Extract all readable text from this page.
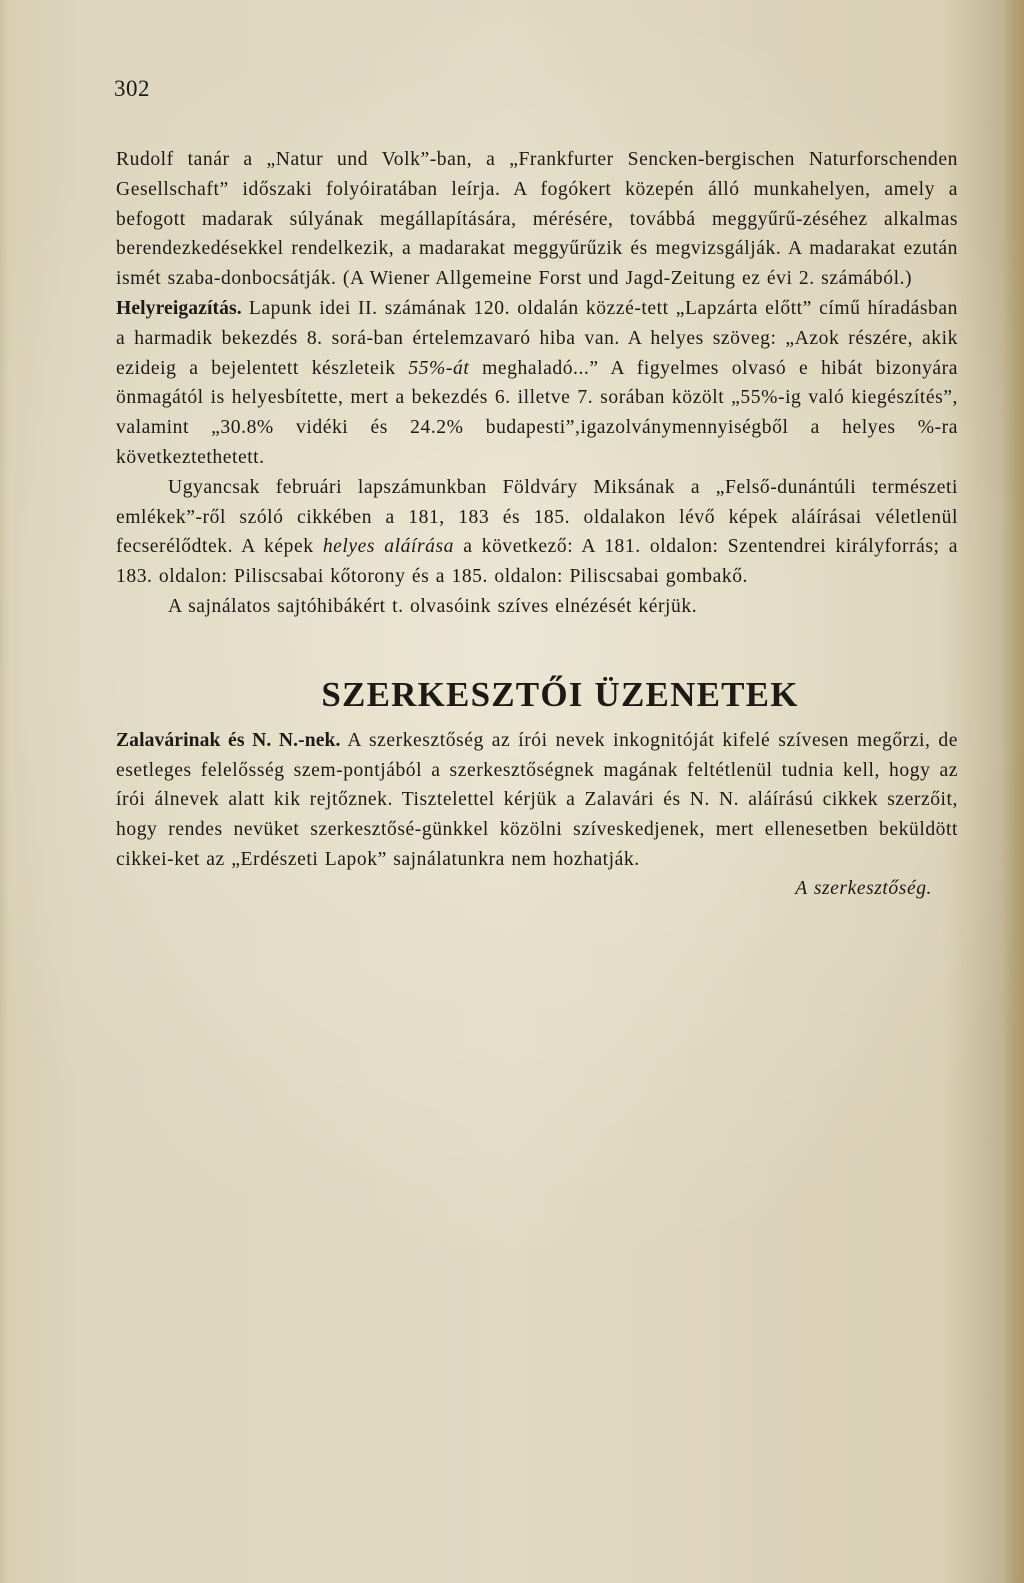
302

Rudolf tanár a „Natur und Volk”-ban, a „Frankfurter Sencken-bergischen Naturforschenden Gesellschaft” időszaki folyóiratában leírja. A fogókert közepén álló munkahelyen, amely a befogott madarak súlyának megállapítására, mérésére, továbbá meggyűrű-zéséhez alkalmas berendezkedésekkel rendelkezik, a madarakat meggyűrűzik és megvizsgálják. A madarakat ezután ismét szaba-donbocsátják. (A Wiener Allgemeine Forst und Jagd-Zeitung ez évi 2. számából.)

Helyreigazítás. Lapunk idei II. számának 120. oldalán közzé-tett „Lapzárta előtt” című híradásban a harmadik bekezdés 8. sorá-ban értelemzavaró hiba van. A helyes szöveg: „Azok részére, akik ezideig a bejelentett készleteik 55%-át meghaladó...” A figyelmes olvasó e hibát bizonyára önmagától is helyesbítette, mert a bekezdés 6. illetve 7. sorában közölt „55%-ig való kiegészítés”, valamint „30.8% vidéki és 24.2% budapesti”,igazolványmennyiségből a helyes %-ra következtethetett.

Ugyancsak februári lapszámunkban Földváry Miksának a „Felső-dunántúli természeti emlékek”-ről szóló cikkében a 181, 183 és 185. oldalakon lévő képek aláírásai véletlenül fecserélődtek. A képek helyes aláírása a következő: A 181. oldalon: Szentendrei királyforrás; a 183. oldalon: Piliscsabai kőtorony és a 185. oldalon: Piliscsabai gombakő.

A sajnálatos sajtóhibákért t. olvasóink szíves elnézését kérjük.

SZERKESZTŐI ÜZENETEK

Zalavárinak és N. N.-nek. A szerkesztőség az írói nevek inkognitóját kifelé szívesen megőrzi, de esetleges felelősség szem-pontjából a szerkesztőségnek magának feltétlenül tudnia kell, hogy az írói álnevek alatt kik rejtőznek. Tisztelettel kérjük a Zalavári és N. N. aláírású cikkek szerzőit, hogy rendes nevüket szerkesztősé-günkkel közölni szíveskedjenek, mert ellenesetben beküldött cikkei-ket az „Erdészeti Lapok” sajnálatunkra nem hozhatják.

A szerkesztőség.
